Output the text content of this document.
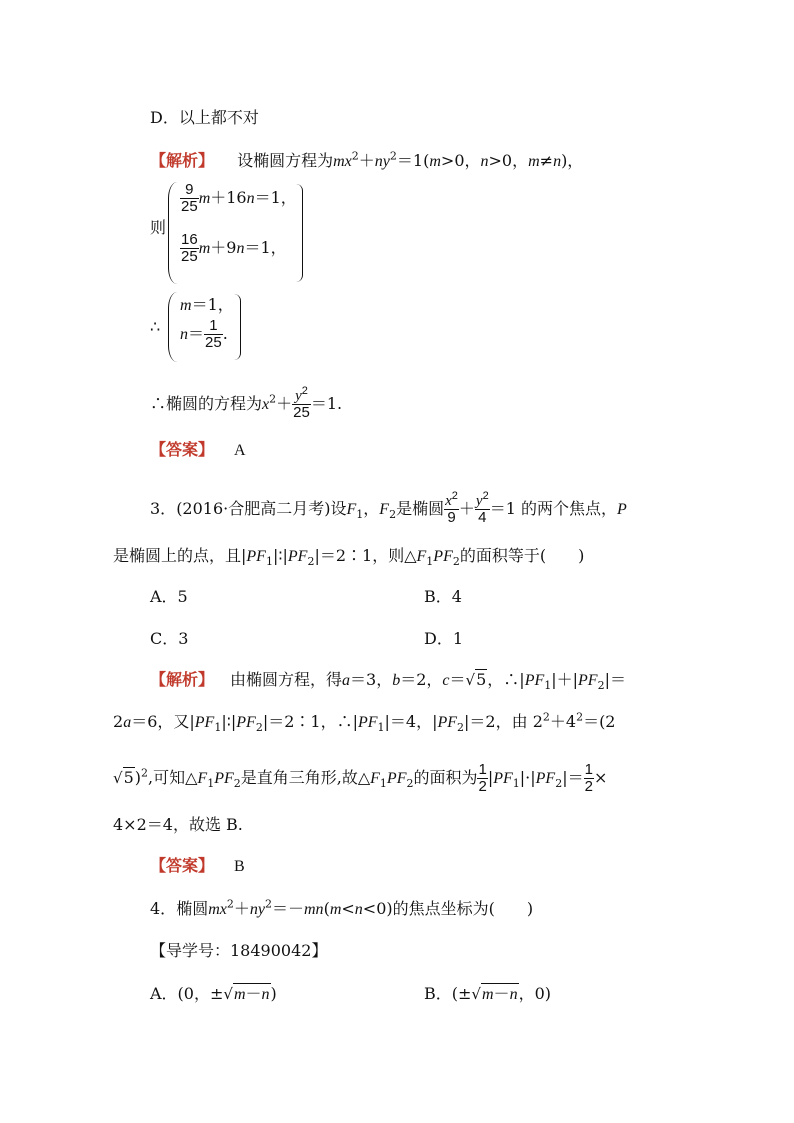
D．以上都不对
【解析】 设椭圆方程为$mx^2+ny^2=1(m>0$，n>0，m≠n)，
则
$\frac{9}{25} m+16n=1$，
$\frac{16}{25} m+9n=1$，
∴
m＝1，
$n= \frac{1}{25}$ .
∴椭圆的方程为$x^2+ \frac{y^2}{25} =1$.
【答案】 A
3．(2016·合肥高二月考)设$F_1$，$F_2$是椭圆 $\frac{x^2}{9} + \frac{y^2}{4} =1$ 的两个焦点，P
是椭圆上的点，且$|PF_1|∶|PF_2|=2∶1$，则$\triangle F_1PF_2$的面积等于(　　)
A．5	B．4
C．3	D．1
【解析】 由椭圆方程，得a＝3，b＝2，c＝√5，$\therefore|PF_1|+|PF_2|=$
2a＝6，又$|PF_1|∶|PF_2|=2∶1$，$\therefore|PF_1|=4$，$|PF_2|=2$，由 $2^2+4^2=(2$
√5)$^2$,可知$\triangle F_1PF_2$是直角三角形,故$\triangle F_1PF_2$的面积为 $\frac{1}{2} |PF_1|\cdot|PF_2|= \frac{1}{2}$ ×
4×2＝4，故选 B.
【答案】 B
4．椭圆$mx^2+ny^2=-mn(m<n<0)$的焦点坐标为(　　)
【导学号：18490042】
A．(0，±√m－n)	B．(±√m－n，0)
